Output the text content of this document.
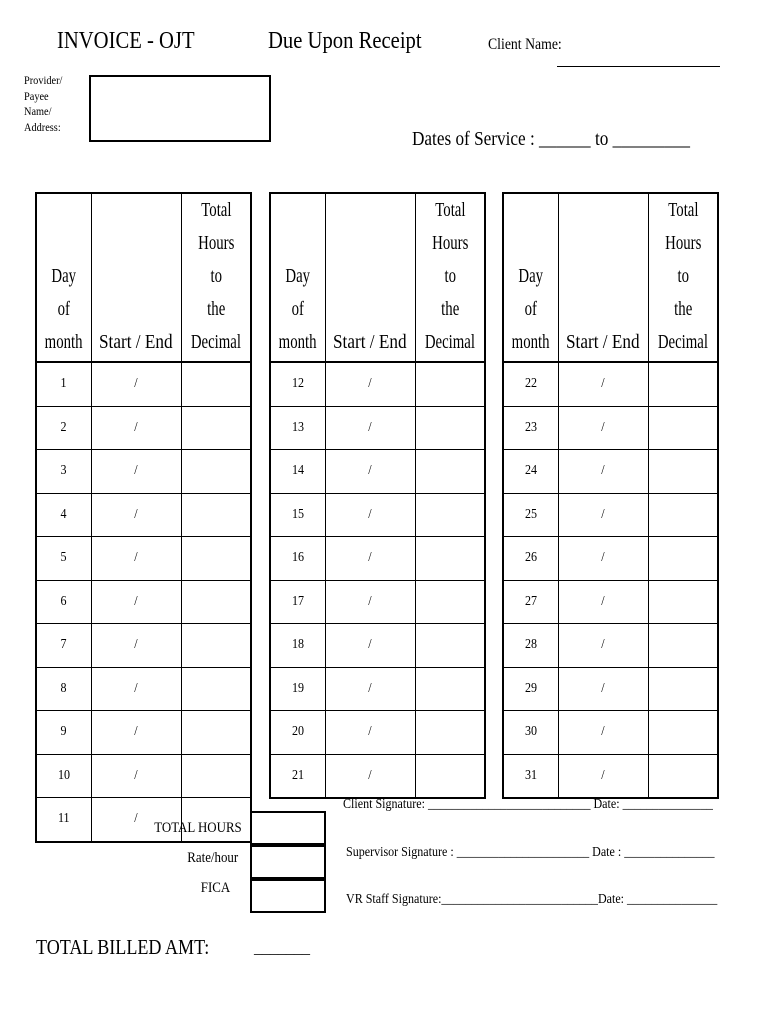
INVOICE - OJT	Due Upon Receipt	Client Name:
Provider/
Payee
Name/
Address:
Dates of Service : ______ to _________
Day of
month	Start / End	Total
Hours to
the
Decimal
1	/	
2	/	
3	/	
4	/	
5	/	
6	/	
7	/	
8	/	
9	/	
10	/	
11	/	
Day of
month	Start / End	Total
Hours to
the
Decimal
12	/	
13	/	
14	/	
15	/	
16	/	
17	/	
18	/	
19	/	
20	/	
21	/	
Day of
month	Start / End	Total
Hours to
the
Decimal
22	/	
23	/	
24	/	
25	/	
26	/	
27	/	
28	/	
29	/	
30	/	
31	/	
TOTAL HOURS
Rate/hour
FICA
Client Signature: ___________________________ Date: _______________
Supervisor Signature : ______________________ Date : _______________
VR Staff Signature:__________________________Date: _______________
TOTAL BILLED AMT:	_______
